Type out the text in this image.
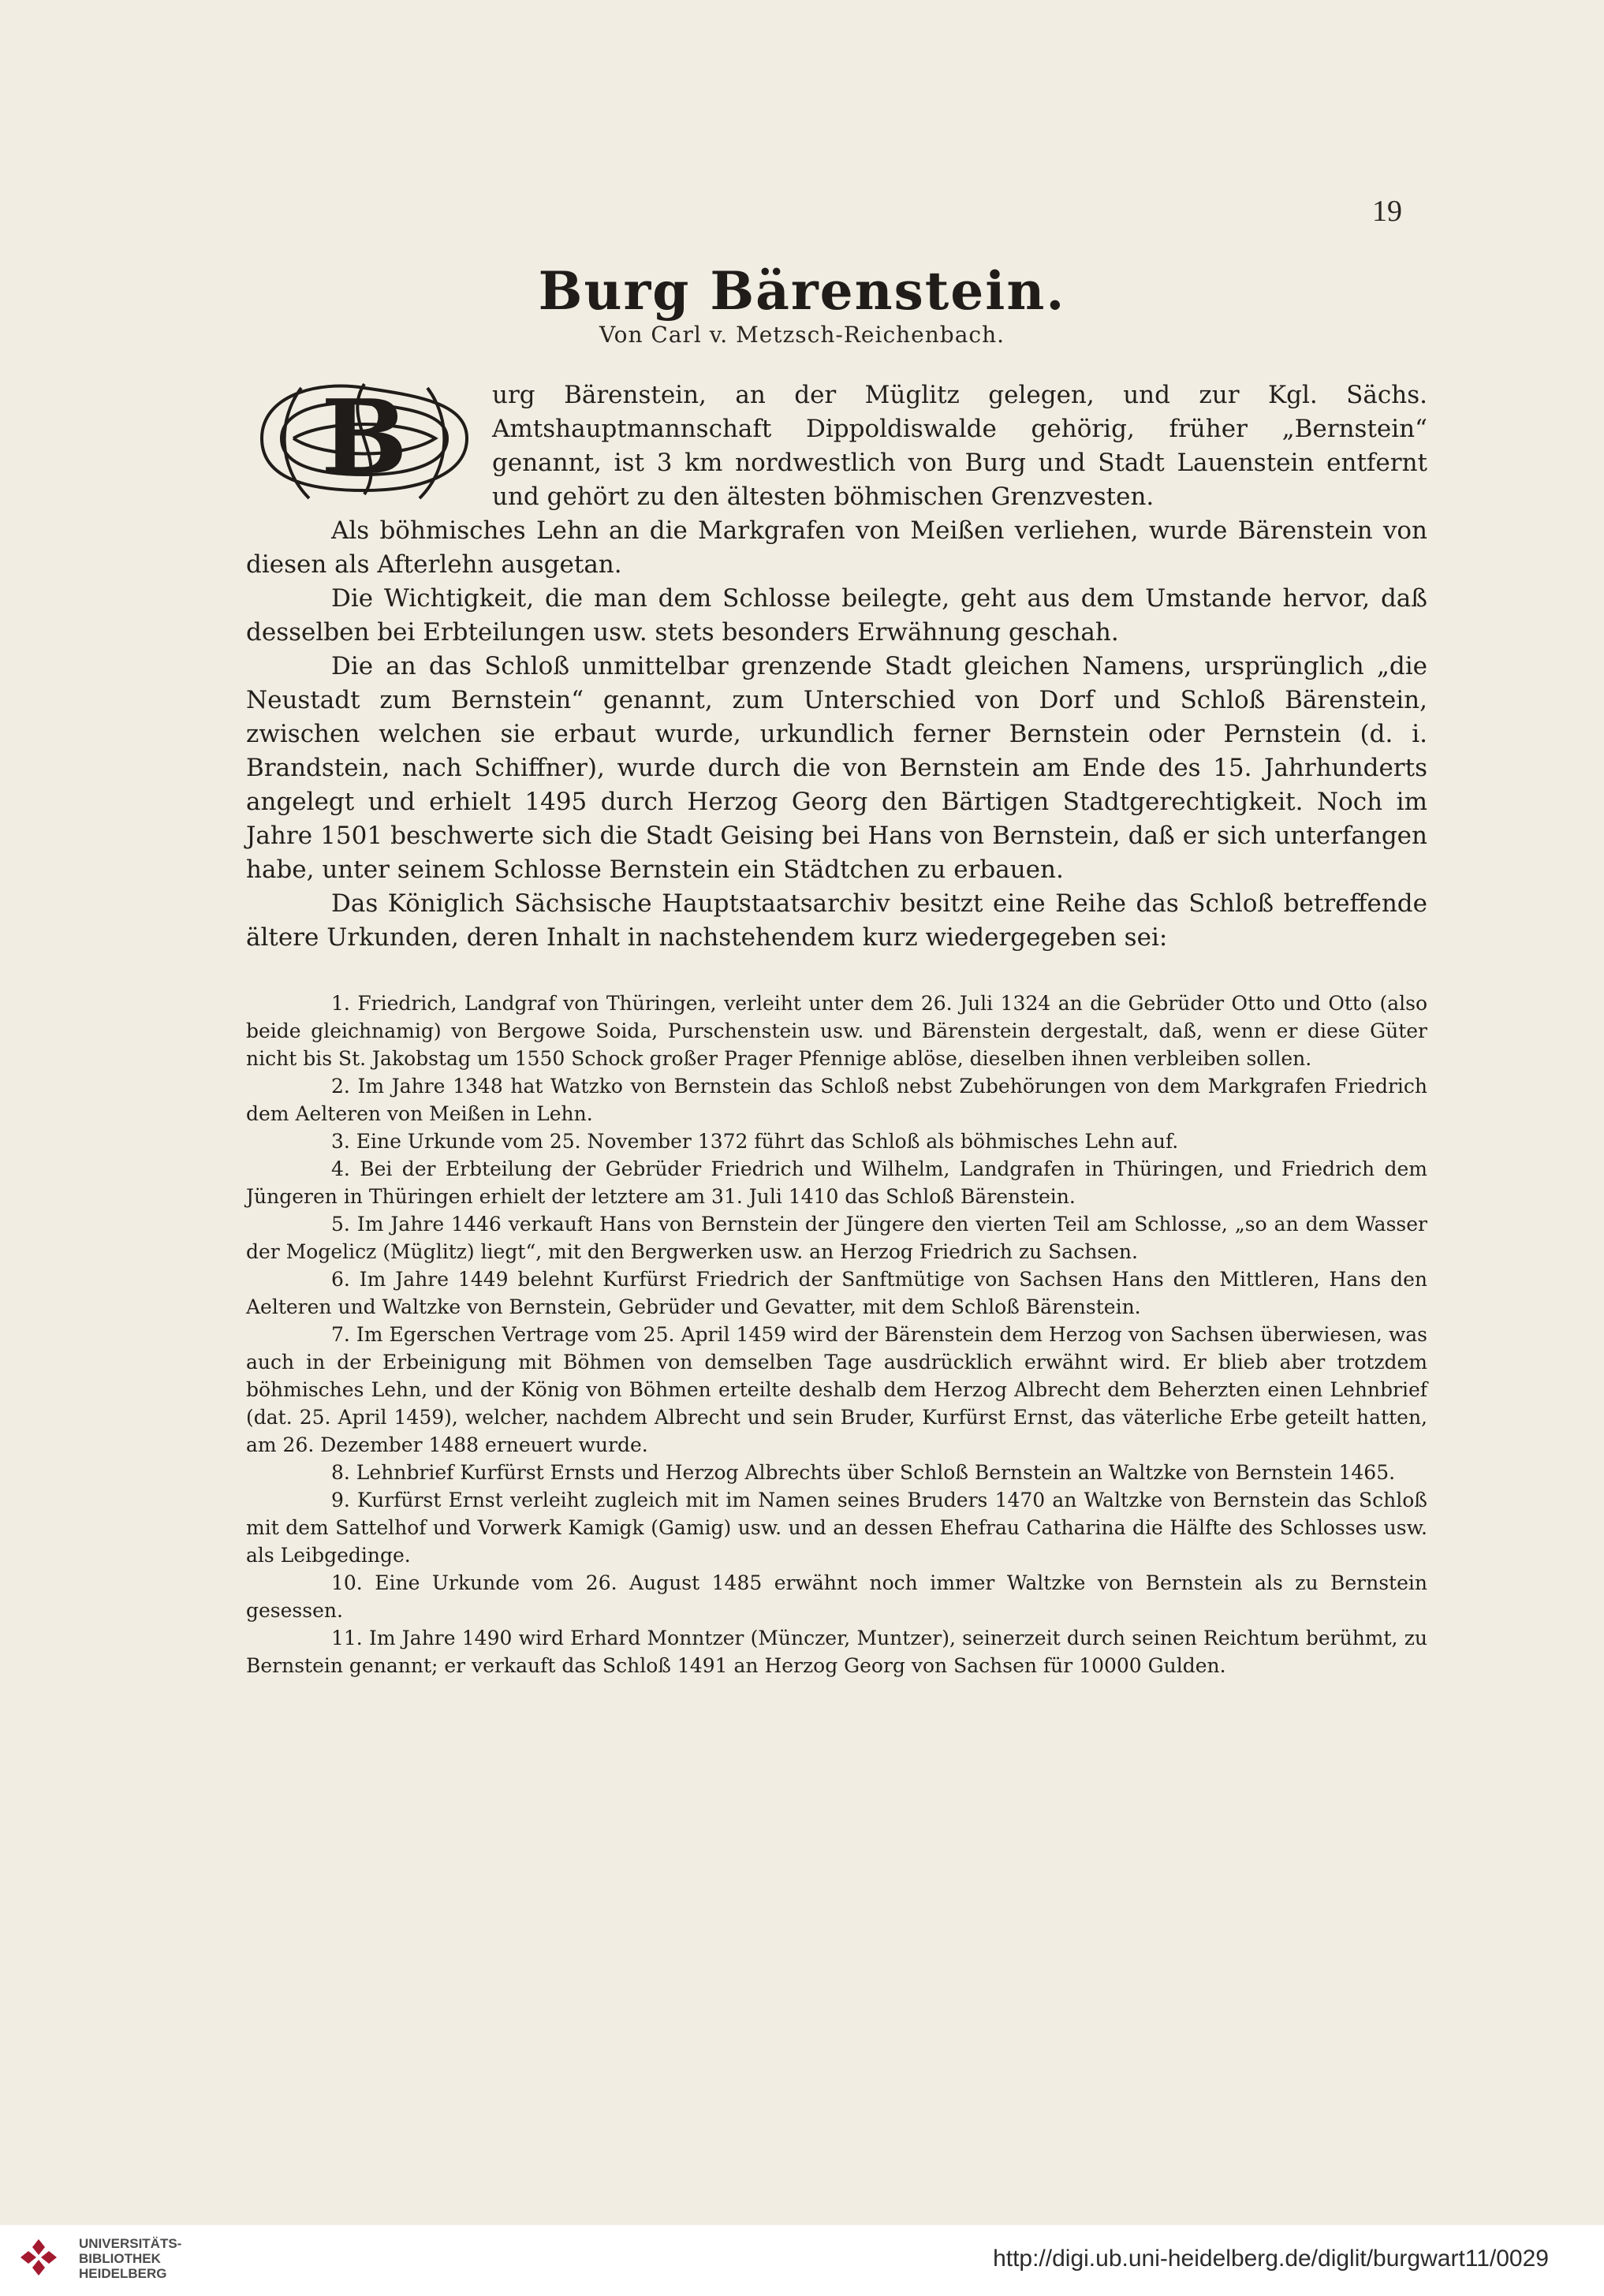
19
Burg Bärenstein.
Von Carl v. Metzsch-Reichenbach.
B	urg Bärenstein, an der Müglitz gelegen, und zur Kgl. Sächs. Amtshauptmannschaft Dippoldiswalde gehörig, früher „Bernstein“ genannt, ist 3 km nordwestlich von Burg und Stadt Lauenstein entfernt und gehört zu den ältesten böhmischen Grenzvesten.

Als böhmisches Lehn an die Markgrafen von Meißen verliehen, wurde Bärenstein von diesen als Afterlehn ausgetan.

Die Wichtigkeit, die man dem Schlosse beilegte, geht aus dem Umstande hervor, daß desselben bei Erbteilungen usw. stets besonders Erwähnung geschah.

Die an das Schloß unmittelbar grenzende Stadt gleichen Namens, ursprünglich „die Neustadt zum Bernstein“ genannt, zum Unterschied von Dorf und Schloß Bärenstein, zwischen welchen sie erbaut wurde, urkundlich ferner Bernstein oder Pernstein (d. i. Brandstein, nach Schiffner), wurde durch die von Bernstein am Ende des 15. Jahrhunderts angelegt und erhielt 1495 durch Herzog Georg den Bärtigen Stadtgerechtigkeit. Noch im Jahre 1501 beschwerte sich die Stadt Geising bei Hans von Bernstein, daß er sich unterfangen habe, unter seinem Schlosse Bernstein ein Städtchen zu erbauen.

Das Königlich Sächsische Hauptstaatsarchiv besitzt eine Reihe das Schloß betreffende ältere Urkunden, deren Inhalt in nachstehendem kurz wiedergegeben sei:

1. Friedrich, Landgraf von Thüringen, verleiht unter dem 26. Juli 1324 an die Gebrüder Otto und Otto (also beide gleichnamig) von Bergowe Soida, Purschenstein usw. und Bärenstein dergestalt, daß, wenn er diese Güter nicht bis St. Jakobstag um 1550 Schock großer Prager Pfennige ablöse, dieselben ihnen verbleiben sollen.

2. Im Jahre 1348 hat Watzko von Bernstein das Schloß nebst Zubehörungen von dem Markgrafen Friedrich dem Aelteren von Meißen in Lehn.

3. Eine Urkunde vom 25. November 1372 führt das Schloß als böhmisches Lehn auf.

4. Bei der Erbteilung der Gebrüder Friedrich und Wilhelm, Landgrafen in Thüringen, und Friedrich dem Jüngeren in Thüringen erhielt der letztere am 31. Juli 1410 das Schloß Bärenstein.

5. Im Jahre 1446 verkauft Hans von Bernstein der Jüngere den vierten Teil am Schlosse, „so an dem Wasser der Mogelicz (Müglitz) liegt“, mit den Bergwerken usw. an Herzog Friedrich zu Sachsen.

6. Im Jahre 1449 belehnt Kurfürst Friedrich der Sanftmütige von Sachsen Hans den Mittleren, Hans den Aelteren und Waltzke von Bernstein, Gebrüder und Gevatter, mit dem Schloß Bärenstein.

7. Im Egerschen Vertrage vom 25. April 1459 wird der Bärenstein dem Herzog von Sachsen überwiesen, was auch in der Erbeinigung mit Böhmen von demselben Tage ausdrücklich erwähnt wird. Er blieb aber trotzdem böhmisches Lehn, und der König von Böhmen erteilte deshalb dem Herzog Albrecht dem Beherzten einen Lehnbrief (dat. 25. April 1459), welcher, nachdem Albrecht und sein Bruder, Kurfürst Ernst, das väterliche Erbe geteilt hatten, am 26. Dezember 1488 erneuert wurde.

8. Lehnbrief Kurfürst Ernsts und Herzog Albrechts über Schloß Bernstein an Waltzke von Bernstein 1465.

9. Kurfürst Ernst verleiht zugleich mit im Namen seines Bruders 1470 an Waltzke von Bernstein das Schloß mit dem Sattelhof und Vorwerk Kamigk (Gamig) usw. und an dessen Ehefrau Catharina die Hälfte des Schlosses usw. als Leibgedinge.

10. Eine Urkunde vom 26. August 1485 erwähnt noch immer Waltzke von Bernstein als zu Bernstein gesessen.

11. Im Jahre 1490 wird Erhard Monntzer (Münczer, Muntzer), seinerzeit durch seinen Reichtum berühmt, zu Bernstein genannt; er verkauft das Schloß 1491 an Herzog Georg von Sachsen für 10000 Gulden.

UNIVERSITÄTS-
BIBLIOTHEK
HEIDELBERG
http://digi.ub.uni-heidelberg.de/diglit/burgwart11/0029
